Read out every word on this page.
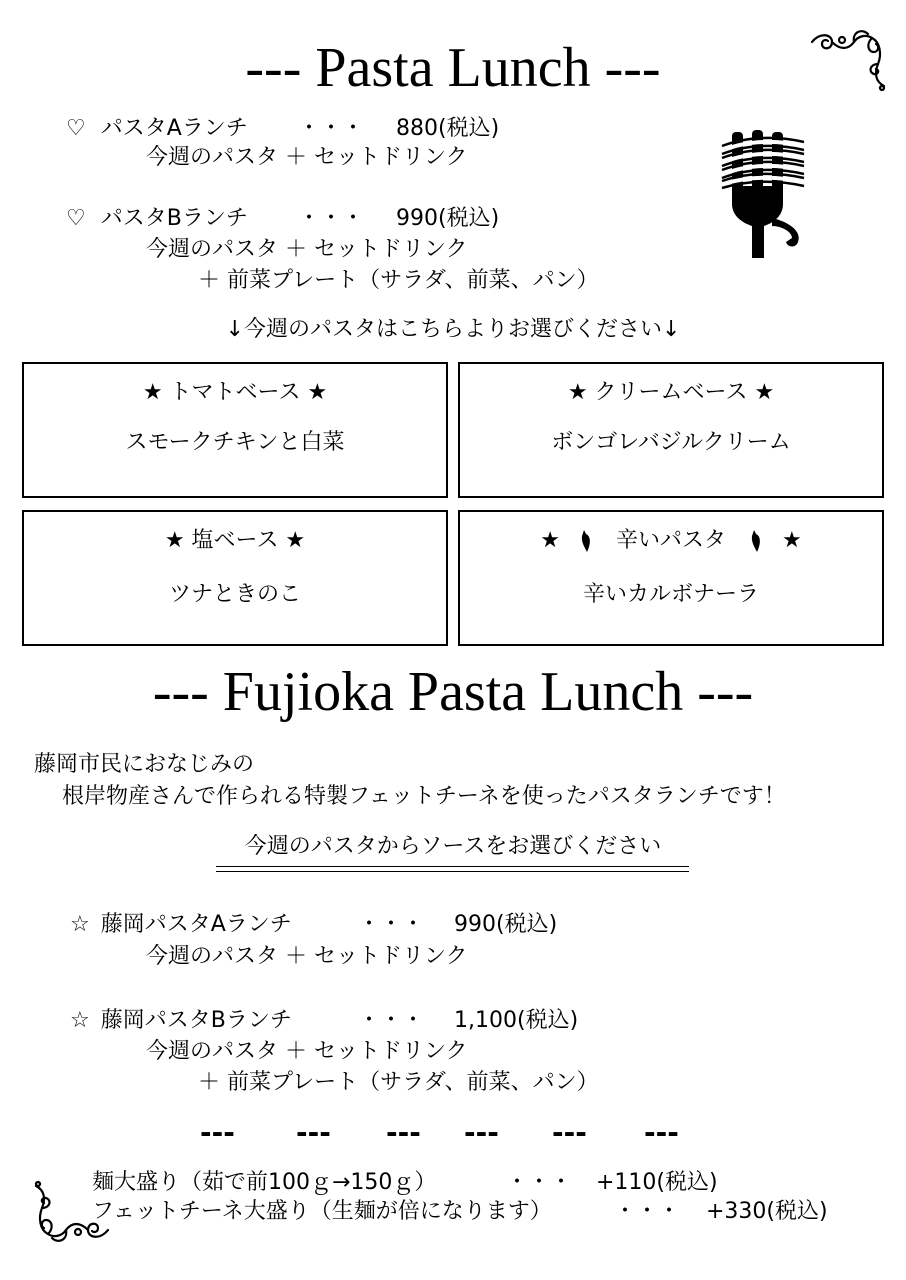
--- Pasta Lunch ---
♡ パスタAランチ ・・・ 880(税込)
今週のパスタ ＋ セットドリンク
♡ パスタBランチ ・・・ 990(税込)
今週のパスタ ＋ セットドリンク
＋ 前菜プレート（サラダ、前菜、パン）
↓今週のパスタはこちらよりお選びください↓
★ トマトベース ★
スモークチキンと白菜
★ クリームベース ★
ボンゴレバジルクリーム
★ 塩ベース ★
ツナときのこ
★	辛いパスタ	★
辛いカルボナーラ
--- Fujioka Pasta Lunch ---
藤岡市民におなじみの
根岸物産さんで作られる特製フェットチーネを使ったパスタランチです！
今週のパスタからソースをお選びください
☆ 藤岡パスタAランチ	・・・ 990(税込)
今週のパスタ ＋ セットドリンク
☆ 藤岡パスタBランチ	・・・ 1,100(税込)
今週のパスタ ＋ セットドリンク
＋ 前菜プレート（サラダ、前菜、パン）
--- --- --- --- --- ---
麺大盛り（茹で前100ｇ→150ｇ）	・・・ +110(税込)
フェットチーネ大盛り（生麺が倍になります）	・・・ +330(税込)
